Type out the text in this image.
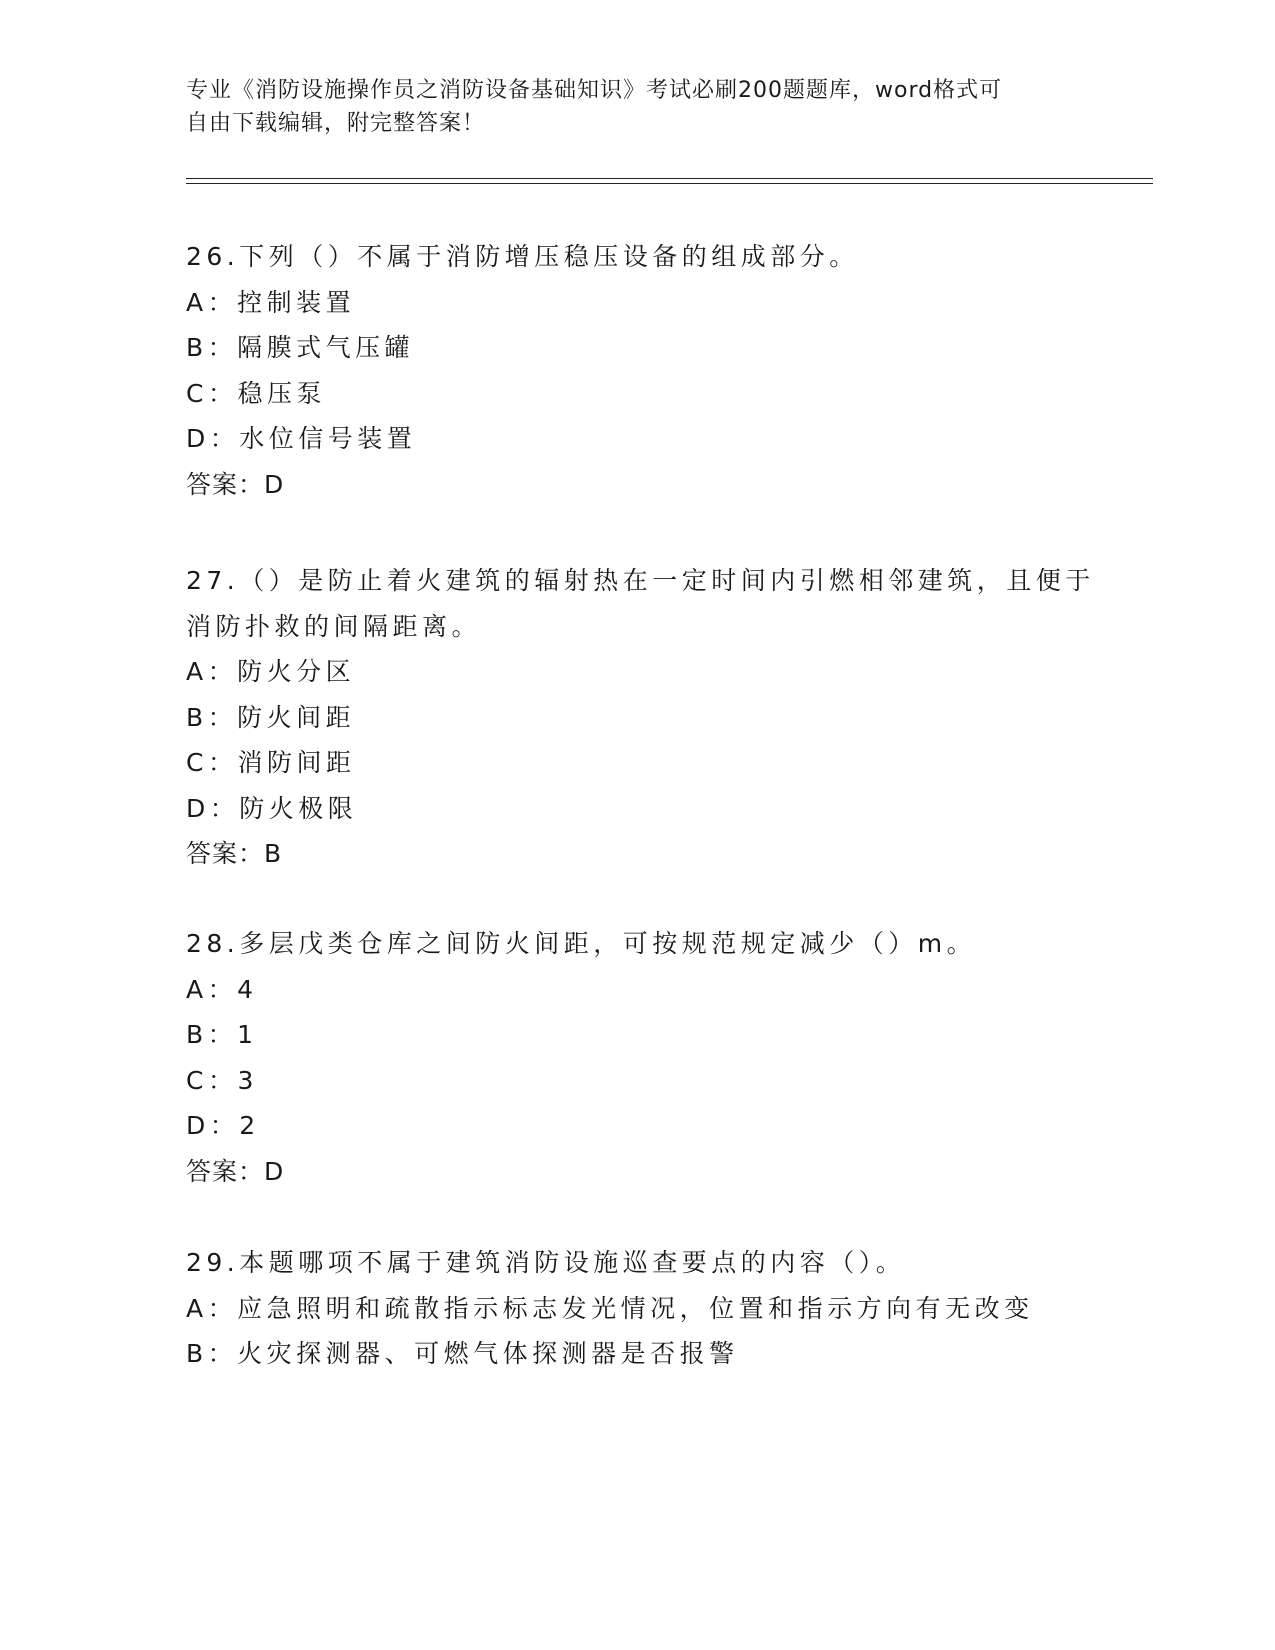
专业《消防设施操作员之消防设备基础知识》考试必刷200题题库，word格式可
自由下载编辑，附完整答案！
26.下列（）不属于消防增压稳压设备的组成部分。
A：控制装置
B：隔膜式气压罐
C：稳压泵
D：水位信号装置
答案：D
27.（）是防止着火建筑的辐射热在一定时间内引燃相邻建筑，且便于
消防扑救的间隔距离。
A：防火分区
B：防火间距
C：消防间距
D：防火极限
答案：B
28.多层戊类仓库之间防火间距，可按规范规定减少（）m。
A：4
B：1
C：3
D：2
答案：D
29.本题哪项不属于建筑消防设施巡查要点的内容（）。
A：应急照明和疏散指示标志发光情况，位置和指示方向有无改变
B：火灾探测器、可燃气体探测器是否报警
